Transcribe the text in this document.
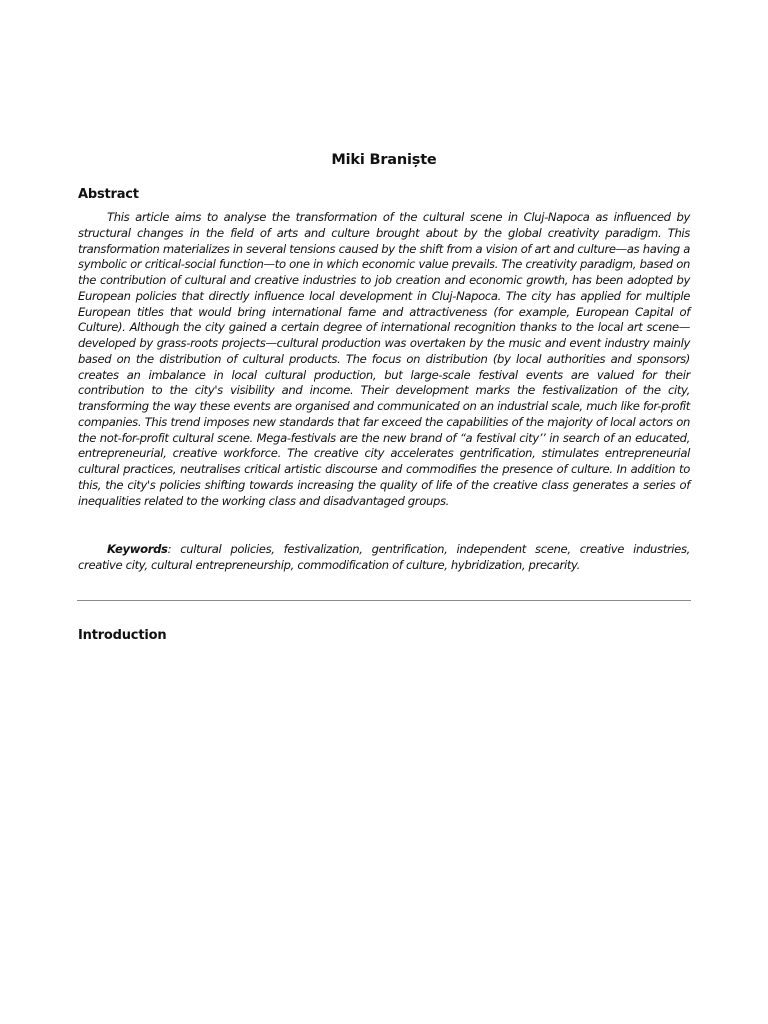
Miki Braniște
Abstract

This article aims to analyse the transformation of the cultural scene in Cluj-Napoca as influenced by structural changes in the field of arts and culture brought about by the global creativity paradigm. This transformation materializes in several tensions caused by the shift from a vision of art and culture—as having a symbolic or critical-social function—to one in which economic value prevails. The creativity paradigm, based on the contribution of cultural and creative industries to job creation and economic growth, has been adopted by European policies that directly influence local development in Cluj-Napoca. The city has applied for multiple European titles that would bring international fame and attractiveness (for example, European Capital of Culture). Although the city gained a certain degree of international recognition thanks to the local art scene—developed by grass-roots projects—cultural production was overtaken by the music and event industry mainly based on the distribution of cultural products. The focus on distribution (by local authorities and sponsors) creates an imbalance in local cultural production, but large-scale festival events are valued for their contribution to the city's visibility and income. Their development marks the festivalization of the city, transforming the way these events are organised and communicated on an industrial scale, much like for-profit companies. This trend imposes new standards that far exceed the capabilities of the majority of local actors on the not-for-profit cultural scene. Mega-festivals are the new brand of “a festival city’’ in search of an educated, entrepreneurial, creative workforce. The creative city accelerates gentrification, stimulates entrepreneurial cultural practices, neutralises critical artistic discourse and commodifies the presence of culture. In addition to this, the city's policies shifting towards increasing the quality of life of the creative class generates a series of inequalities related to the working class and disadvantaged groups.

Keywords: cultural policies, festivalization, gentrification, independent scene, creative industries, creative city, cultural entrepreneurship, commodification of culture, hybridization, precarity.

Introduction
